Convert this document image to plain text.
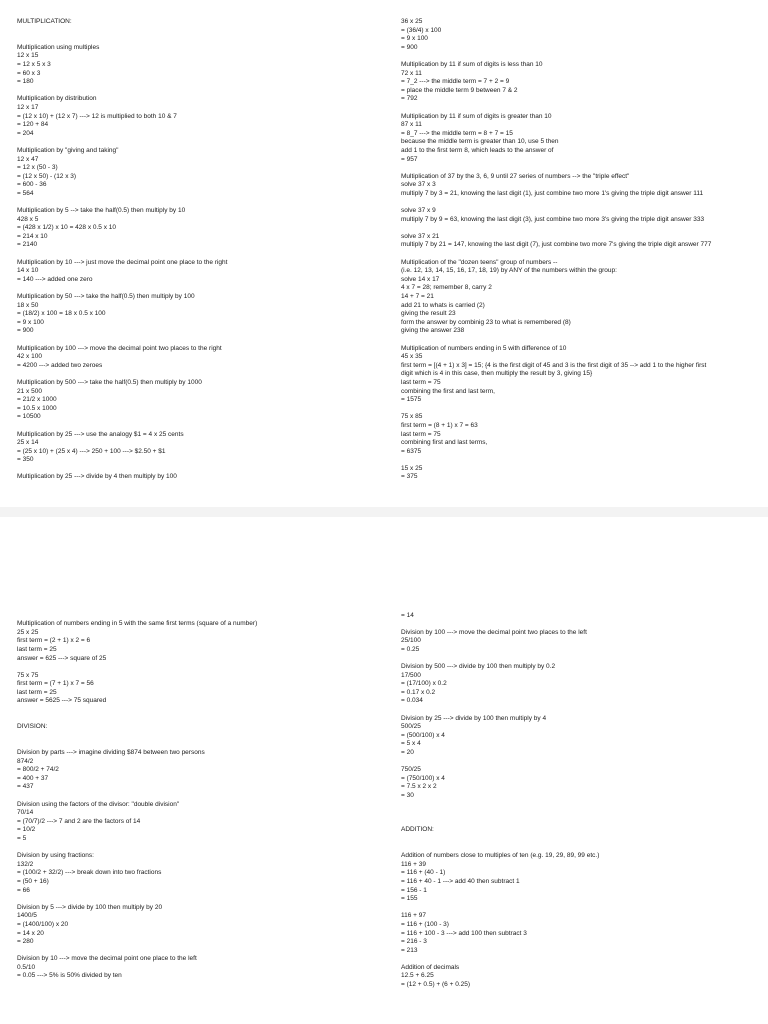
MULTIPLICATION:
Multiplication using multiples
12 x 15
= 12 x 5 x 3
= 60 x 3
= 180
Multiplication by distribution
12 x 17
= (12 x 10) + (12 x 7) ---> 12 is multiplied to both 10 & 7
= 120 + 84
= 204
Multiplication by "giving and taking"
12 x 47
= 12 x (50 - 3)
= (12 x 50) - (12 x 3)
= 600 - 36
= 564
Multiplication by 5 --> take the half(0.5) then multiply by 10
428 x 5
= (428 x 1/2) x 10 = 428 x 0.5 x 10
= 214 x 10
= 2140
Multiplication by 10 ---> just move the decimal point one place to the right
14 x 10
= 140 ---> added one zero
Multiplication by 50 ---> take the half(0.5) then multiply by 100
18 x 50
= (18/2) x 100 = 18 x 0.5 x 100
= 9 x 100
= 900
Multiplication by 100 ---> move the decimal point two places to the right
42 x 100
= 4200 ---> added two zeroes
Multiplication by 500 ---> take the half(0.5) then multiply by 1000
21 x 500
= 21/2 x 1000
= 10.5 x 1000
= 10500
Multiplication by 25 ---> use the analogy $1 = 4 x 25 cents
25 x 14
= (25 x 10) + (25 x 4) ---> 250 + 100 ---> $2.50 + $1
= 350
Multiplication by 25 ---> divide by 4 then multiply by 100
36 x 25
= (36/4) x 100
= 9 x 100
= 900
Multiplication by 11 if sum of digits is less than 10
72 x 11
= 7_2 ---> the middle term = 7 + 2 = 9
= place the middle term 9 between 7 & 2
= 792
Multiplication by 11 if sum of digits is greater than 10
87 x 11
= 8_7 ---> the middle term = 8 + 7 = 15
because the middle term is greater than 10, use 5 then
add 1 to the first term 8, which leads to the answer of
= 957
Multiplication of 37 by the 3, 6, 9 until 27 series of numbers --> the "triple effect"
solve 37 x 3
multiply 7 by 3 = 21, knowing the last digit (1), just combine two more 1's giving the triple digit answer 111
solve 37 x 9
multiply 7 by 9 = 63, knowing the last digit (3), just combine two more 3's giving the triple digit answer 333
solve 37 x 21
multiply 7 by 21 = 147, knowing the last digit (7), just combine two more 7's giving the triple digit answer 777
Multiplication of the "dozen teens" group of numbers --
(i.e. 12, 13, 14, 15, 16, 17, 18, 19) by ANY of the numbers within the group:
solve 14 x 17
4 x 7 = 28; remember 8, carry 2
14 + 7 = 21
add 21 to whats is carried (2)
giving the result 23
form the answer by combinig 23 to what is remembered (8)
giving the answer 238
Multiplication of numbers ending in 5 with difference of 10
45 x 35
first term = [(4 + 1) x 3] = 15; {4 is the first digit of 45 and 3 is the first digit of 35 --> add 1 to the higher first
digit which is 4 in this case, then multiply the result by 3, giving 15}
last term = 75
combining the first and last term,
= 1575
75 x 85
first term = (8 + 1) x 7 = 63
last term = 75
combining first and last terms,
= 6375
15 x 25
= 375
Multiplication of numbers ending in 5 with the same first terms (square of a number)
25 x 25
first term = (2 + 1) x 2 = 6
last term = 25
answer = 625 ---> square of 25
75 x 75
first term = (7 + 1) x 7 = 56
last term = 25
answer = 5625 ---> 75 squared
DIVISION:
Division by parts ---> imagine dividing $874 between two persons
874/2
= 800/2 + 74/2
= 400 + 37
= 437
Division using the factors of the divisor: "double division"
70/14
= (70/7)/2 ---> 7 and 2 are the factors of 14
= 10/2
= 5
Division by using fractions:
132/2
= (100/2 + 32/2) ---> break down into two fractions
= (50 + 16)
= 66
Division by 5 ---> divide by 100 then multiply by 20
1400/5
= (1400/100) x 20
= 14 x 20
= 280
Division by 10 ---> move the decimal point one place to the left
0.5/10
= 0.05 ---> 5% is 50% divided by ten
= 14
Division by 100 ---> move the decimal point two places to the left
25/100
= 0.25
Division by 500 ---> divide by 100 then multiply by 0.2
17/500
= (17/100) x 0.2
= 0.17 x 0.2
= 0.034
Division by 25 ---> divide by 100 then multiply by 4
500/25
= (500/100) x 4
= 5 x 4
= 20
750/25
= (750/100) x 4
= 7.5 x 2 x 2
= 30
ADDITION:
Addition of numbers close to multiples of ten (e.g. 19, 29, 89, 99 etc.)
116 + 39
= 116 + (40 - 1)
= 116 + 40 - 1 ---> add 40 then subtract 1
= 156 - 1
= 155
116 + 97
= 116 + (100 - 3)
= 116 + 100 - 3 ---> add 100 then subtract 3
= 216 - 3
= 213
Addition of decimals
12.5 + 6.25
= (12 + 0.5) + (6 + 0.25)
